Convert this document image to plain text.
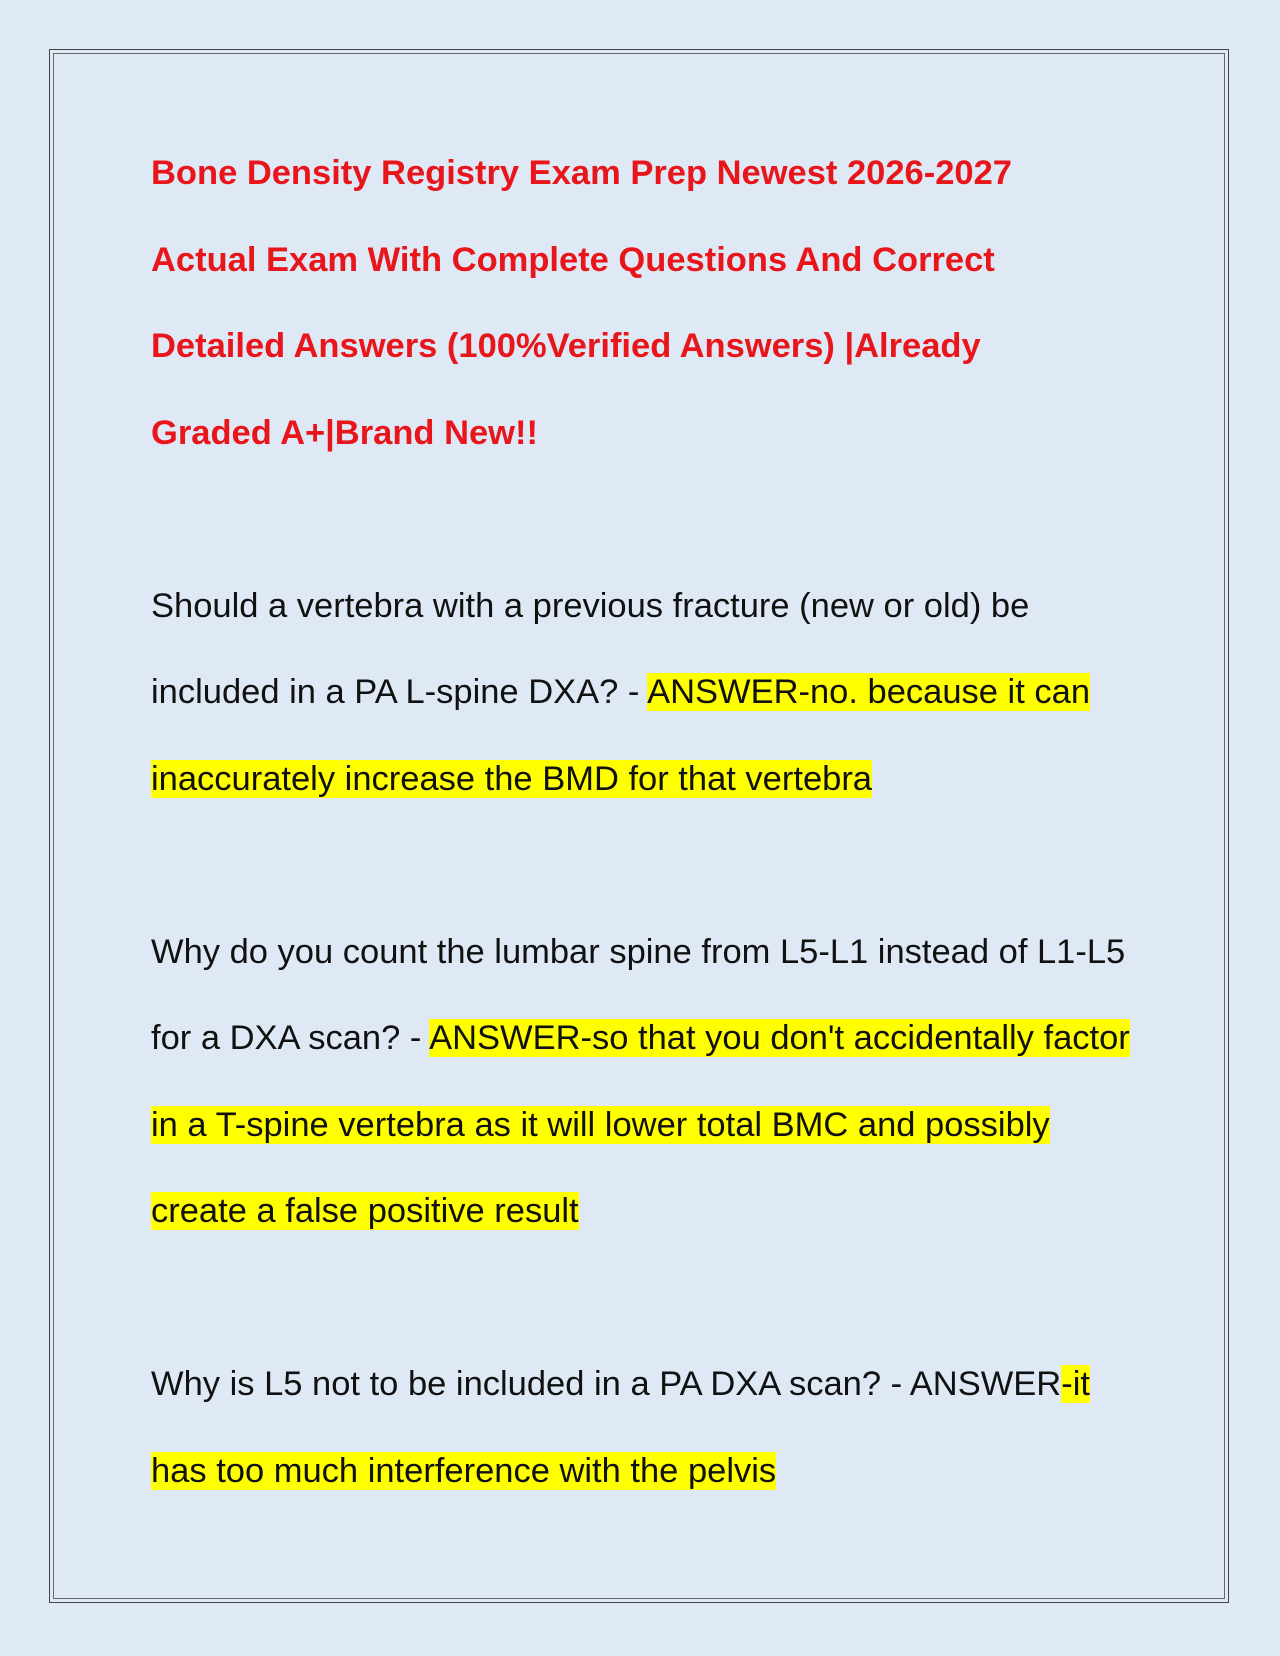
Bone Density Registry Exam Prep Newest 2026-2027
Actual Exam With Complete Questions And Correct
Detailed Answers (100%Verified Answers) |Already
Graded A+|Brand New!!

Should a vertebra with a previous fracture (new or old) be included in a PA L-spine DXA? - ANSWER-no. because it can inaccurately increase the BMD for that vertebra

Why do you count the lumbar spine from L5-L1 instead of L1-L5 for a DXA scan? - ANSWER-so that you don't accidentally factor in a T-spine vertebra as it will lower total BMC and possibly create a false positive result

Why is L5 not to be included in a PA DXA scan? - ANSWER-it has too much interference with the pelvis
